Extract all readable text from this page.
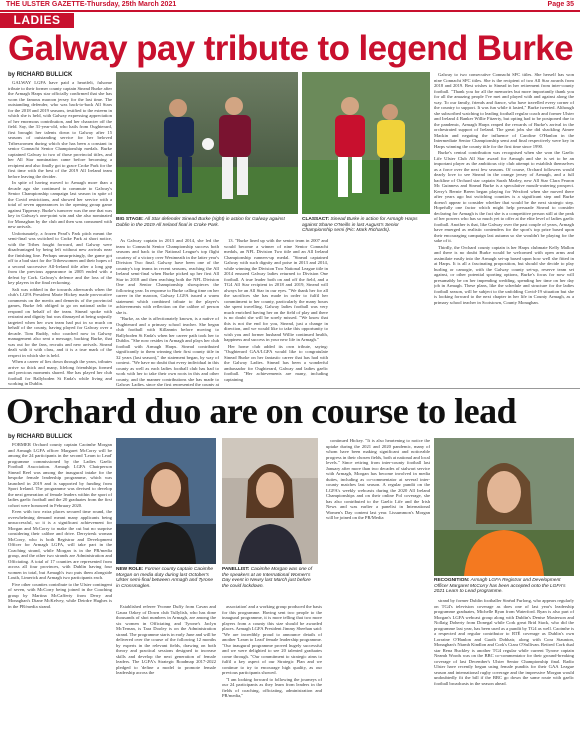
THE ULSTER GAZETTE-Thursday, 25th March 2021	Page 35
LADIES
Galway pay tribute to legend Burke
by RICHARD BULLICK

GALWAY LGFA have paid a heartfelt, fulsome tribute to their former county captain Sinead Burke after the Armagh Harps star officially confirmed that she has worn the famous maroon jersey for the last time. The outstanding defender, who was back-to-back All Stars for the 2018 and 2019 seasons, testified to the esteem in which she is held, with Galway expressing appreciation of her enormous contribution, and her character off the field. Say, the 31-year-old, who hails from Oughterard, first brought her talents down to Galway after 15 seasons of outstanding service for her beloved Tribeswomen during which she has been a constant in senior Connacht Senior Championship medals. Burke captained Galway to two of those provincial titles, and her All Star nomination came before becoming a recipient and also finally got to grace Croke Park for the first time with the best of the 2019 All Ireland team before leaving the decider.

In spite of having moved to Armagh more than a decade ago she continued to commute to Galway's Senior Championship campaign last season in spite of the Covid restrictions, and showed her service with a total of seven appearances in the opening group game against Tipperary. Burke's turnover was the one that was key in Galway's one-point win and she also nominated for Monaghan by the club and then was consumed with new arrivals.

Unfortunately, a frozen Pearl's Park pitch meant the semi-final was switched to Croke Park at short notice, with the Tribes fought forward, and Galway were disadvantaged by being left without new arrivals near the finishing line. Perhaps unsurprisingly, the game got off to a bad start for the Tribeswomen and their hopes of a second successive All-Ireland title after a long gap from the previous appearance in 2005 ended with a defeat by Cork. Galway's defence and the loss of the key players in the final reckoning.

Salt was robbed in the towards afterwards when the club's LGFA President Marie Hickey made provocative comments on the merits and demerits of the provincial games, Burke felt obliged to go on national radio to respond on behalf of the team. Sinead spoke with restraint and dignity but was dismayed at being unjustly targeted when her own team had put in so much on behalf of the county, having played for Galway over a decade. Tom Ruddy, who coached now in Galway management also sent a message, backing Burke, that was out for the fans, recruits and new arrivals. Sinead dealt with it with class, and it is a true mark of the respect in which she is held.

When a career of lies down through the years, tributes arrive so thick and many, lifelong friendships formed and precious moments shared. She has played her club football for Ballyboden St Enda's while living and working in Dublin.

BIG STAGE: All Star defender Sinead Burke (right) in action for Galway against Dublin in the 2019 All Ireland final in Croke Park.
CLASSACT: Sinead Burke in action for Armagh Harps against Shane O'Neills in last August's Senior Championship semi (Pic: Mark Richards).

As Galway captain in 2013 and 2014, she led the team to Connacht Senior Championship success both seasons and back to the National League's top flight courtesy of a victory over Westmeath in the latter year's Division Two final. Galway have been one of the country's top teams in recent seasons, reaching the All Ireland semi-final when Burke picked up her first All Star in 2018 and then reaching both the NFL Division One and Senior Championship showpieces the following year. In response to Burke calling time on her career in the maroon, Galway LGFA issued a warm statement which combined tribute to the player's achievements with reflection on the calibre of person she is.

"Burke, as she is affectionately known, is a native of Oughterard and a primary school teacher. She began club football with Killannin before moving to Ballyboden St Enda's when her career path took her to Dublin. "She now resides in Armagh and plays her club football with Armagh Harps. Sinead contributed significantly to them winning their first county title in 32 years (last season)," the statement began, by way of context. "We have no doubt that every individual in this county as well as each ladies football club has had to work with her to take their own roots in this and other county, and the manner contributions she has made to Galway Ladies, since she first represented the county at

13. "Burke lined up with the senior team in 2007 and would become a winner of nine Senior Connacht medals, an NFL Division Two title and an All Ireland Championship runners-up medal. "Sinead captained Galway with such dignity and poise in 2013 and 2014, while winning the Division Two National League title in 2014 ensured Galway ladies returned to Division One football. A true leader both on and off the field, and a TG4 All Star recipient in 2018 and 2019, Sinead will always be an All Star in our eyes. "We thank her for all the sacrifices she has made in order to fulfil her commitment to her county, particularly the many hours she spent travelling. Galway ladies football was very much enriched having her on the field of play and there is no doubt she will be sorely missed. "We know that this is not the end for you, Sinead, just a change in direction, and we would like to take this opportunity to wish you and former husband Willie continued health, happiness and success in your new life in Armagh."

Her home club added its own tribute, saying: "Oughterard GAA/LGFA would like to congratulate Sinead Burke on her fantastic career that has had with the Galway Ladies. Sinead has been a wonderful ambassador for Oughterard, Galway and ladies gaelic football. "Her achievements are many, including captaining

Galway to two consecutive Connacht SFC titles. She herself has won nine Connacht SFC titles. She is the recipient of two All Star awards from 2018 and 2019. Best wishes to Sinead in her retirement from inter-county football. "Thank you for all the memories but more importantly thank you for all the amazing people I've met and played with and against along the way. To our family, friends and fiance, who have travelled every corner of the country to support. It was fun while it lasted," Burke tweeted. Although she subscribed watching to leading football regular coach and former Ulster and Ireland 4 Banker Willie Fitzerty, but opting had to be postponed due to the pandemic, Armagh Harps reaped the rewards of Burke's arrival in the orchestrated support of Ireland. The great jobs she did shackling Aimee Mackin and negating the influence of Caroline O'Hanlon in the Intermediate Senior Championship semi and final respectively were key in Harps winning the county title for the first time since 1990.

Burke's central contribution was recognised when she won the Gaelic Life Ulster Club All Star award for Armagh and she is set to be an important player as the ambitious city club attempt to establish themselves as a force over the next few seasons. Of course, Orchard followers would dearly love to see Sinead in the orange jersey of Armagh, and a full backline of Orchard star captain Sarah Marley, new All Star Clara Fearon Mc Guinness and Sinead Burke is a speculative mouth-watering prospect. Kerry's Bernie Breen began playing for Wexford when she moved there after years ago but switching counties is a significant step and Burke doesn't appear to consider whether that would be the next strategic step. Hopefully one factor which might help persuade Sinead to consider declaring for Armagh is the fact she is a competitive person still at the peak of her powers who has so much yet to offer at the elite level of ladies gaelic football. Another is that, like Galway over the past couple of years, Armagh have emerged as realistic contenders for the sport's top prize based upon their encouraging campaign last autumn so she wouldn't be playing for the sake of it.

Thirdly, the Orchard county captain is her Harps clubmate Kelly Mallon and there is no doubt Burke would be welcomed with open arms and assimilate easily into the Armagh set-up based upon how well she fitted in at Harps. It is all a fascinating proposition, but should she decide to play hurling or camogie, with the Galway county set-up, reserve team set against, or other potential sporting options, Burke's focus for now will presumably be on her impending wedding, spending her time on her day job in Armagh. These plans, like the schedule and structure for the ladies football season, will be subject to the unfolding Covid-19 situation but she is looking forward to the next chapter in her life in County Armagh, as a primary school teacher in Scotstown, County Monaghan.

Orchard duo are on course to lead
by RICHARD BULLICK

FORMER Orchard county captain Caoimhe Morgan and Armagh LGFA officer Margaret McCorry will be among the 24 participants in the second 'Learn to Lead' programme commissioned by the Ladies Gaelic Football Association. Armagh LGFA Chairperson Sinead Reel was among the inaugural intake for the bespoke female leadership programme, which was launched in 2019 and is supported by funding from Sport Ireland. The programme was devised to develop the next generation of female leaders within the sport of ladies gaelic football and the 20 graduates from the first cohort were honoured in February 2020.

Even with two extra places secured time round, the overwhelming demand meant many applicants being unsuccessful, so it is a significant achievement for Morgan and McCorry to make the cut but no surprise considering their calibre and drive. Derrytresk woman McCorry, who is both Registrar and Development Officer for Armagh LGFA, will take part in the Coaching strand, while Morgan is in the PR/media group, and the other two strands are Administration and Officiating. A total of 17 counties are represented from across all four provinces, with Dublin having four women in total, but Armagh's two puts them alongside Louth, Limerick and Armagh two participants each.

Five other counties contribute to the Ulster contingent of seven, with McCorry being joined in the Coaching group by Martina McCafferty from Derry and Monaghan's Diane McKelvey, while Deirdre Hughes is in the PR/media strand.

NEW ROLE: Former county captain Caoimhe Morgan on media duty during last October's Ulster semi-final between Armagh and Tyrone in Crossmaglen.
PANELLIST: Caoimhe Morgan was one of the speakers at an International Women's Day event in Newry last March just before the covid lockdown.

Established referee Yvonne Duffy from Cavan and Gaura Ozkey of Down club Tullylish, who has done thousands of shot numbers in Armagh, are among the six women in Officiating and Tyrone's Jaclyn McTernan, is Tara Dooley is on the Administration strand. The programme starts in early June and will be delivered over the course of the following 12 months by experts in the relevant fields, drawing on both theory and practical sessions designed to increase skills and develop the next generation of female leaders. The LGFA's Strategic Roadmap 2017-2022 pledged to 'define a model to promote female leadership across the

association' and a working group produced the basis for this programme. Having sent two people to the inaugural programme, it is more telling that two more players from a county this size should be awarded places. Armagh LGFA President Jimmy Sheehan said: "We are incredibly proud to announce details of another 'Learn to Lead' female leadership programme. "Our inaugural programme proved hugely successful and we were delighted to see 20 talented graduates come through. "Our commitment to strategic aims to fulfil a key aspect of our Strategic Plan and we continue to try to encourage high quality, as our previous participants showed.

"I am looking forward to following the journeys of our 24 participants as they learn from leaders in the fields of coaching, officiating, administration and PR/media,"

continued Hickey. "It is also heartening to notice the uptake during the 2021 and 2020 pandemic, many of whom have been making significant and noticeable progress in their chosen fields, both at national and local levels." Since retiring from inter-county football last January after more than two decades of stalwart service with Armagh, Morgan has become involved in media duties, including as co-commentator at several inter-county matches last season. A regular pundit on the LGFA's weekly webcasts during the 2020 All Ireland Championships and on their online Pol coverage, she has also contributed to the Gaelic Life and the Irish News and was earlier a panelist in International Women's Day content last year. Lissummon's Morgan will be joined on the PR/Media

RECOGNITION: Armagh LGFA Registrar and Development Officer Margaret McCorry has been accepted onto the LGFA's 2021 Learn to Lead programme.

strand by former Dublin footballer Sinéad Furlong, who appears regularly on TG4's television coverage as does one of last year's leadership programme graduates, Michelle Ryan from Waterford. Ryan is also part of Morgan's LGFA webcast group along with Dublin's Denise Masterson and Nollaig Doherty from Donegal while Cork great Brid Stack, who did the programme last year, has been used as a pundit by TG4 as well. Caoimhe is a respected and regular contributor to RTÉ coverage as Dublin's own Lorraine O'Hanlon and Gaoth Dobhair, along with Cora Staunton, Monaghan's Niamh Kindlon and Cork's Ciara O'Sullivan. Retired Cork dual star Rena Buckley is another TG4 regular while current Tyrone captain Neamh Woods was on the BBC co-commentator for their ground-breaking coverage of last December's Ulster Senior Championship final. Radio Ulster have recently begun using female pundits for their GAA League season and international rugby coverage and the impressive Morgan would undoubtedly fit the bill if the BBC go down the same route with gaelic football broadcasts in the season ahead.
